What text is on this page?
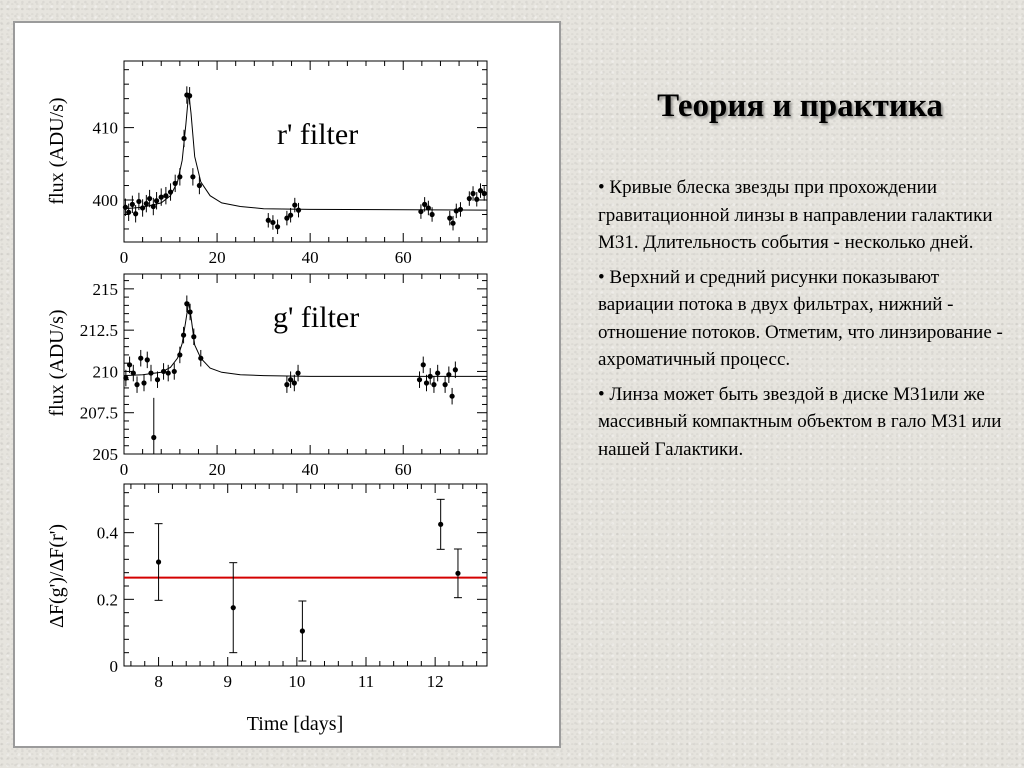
0	20	40	60
400
410
flux (ADU/s)	r' filter
0	20	40	60
205
207.5
210
212.5
215
flux (ADU/s)	g' filter
8	9	10	11	12
0
0.2
0.4
ΔF(g')/ΔF(r')
Time [days]
Теория и практика
• Кривые блеска звезды при прохождении гравитационной линзы в направлении галактики M31. Длительность события - несколько дней.
• Верхний и средний рисунки показывают вариации потока в двух фильтрах, нижний - отношение потоков. Отметим, что линзирование - ахроматичный процесс.
• Линза может быть звездой в диске M31или же массивный компактным объектом в гало M31 или нашей Галактики.
